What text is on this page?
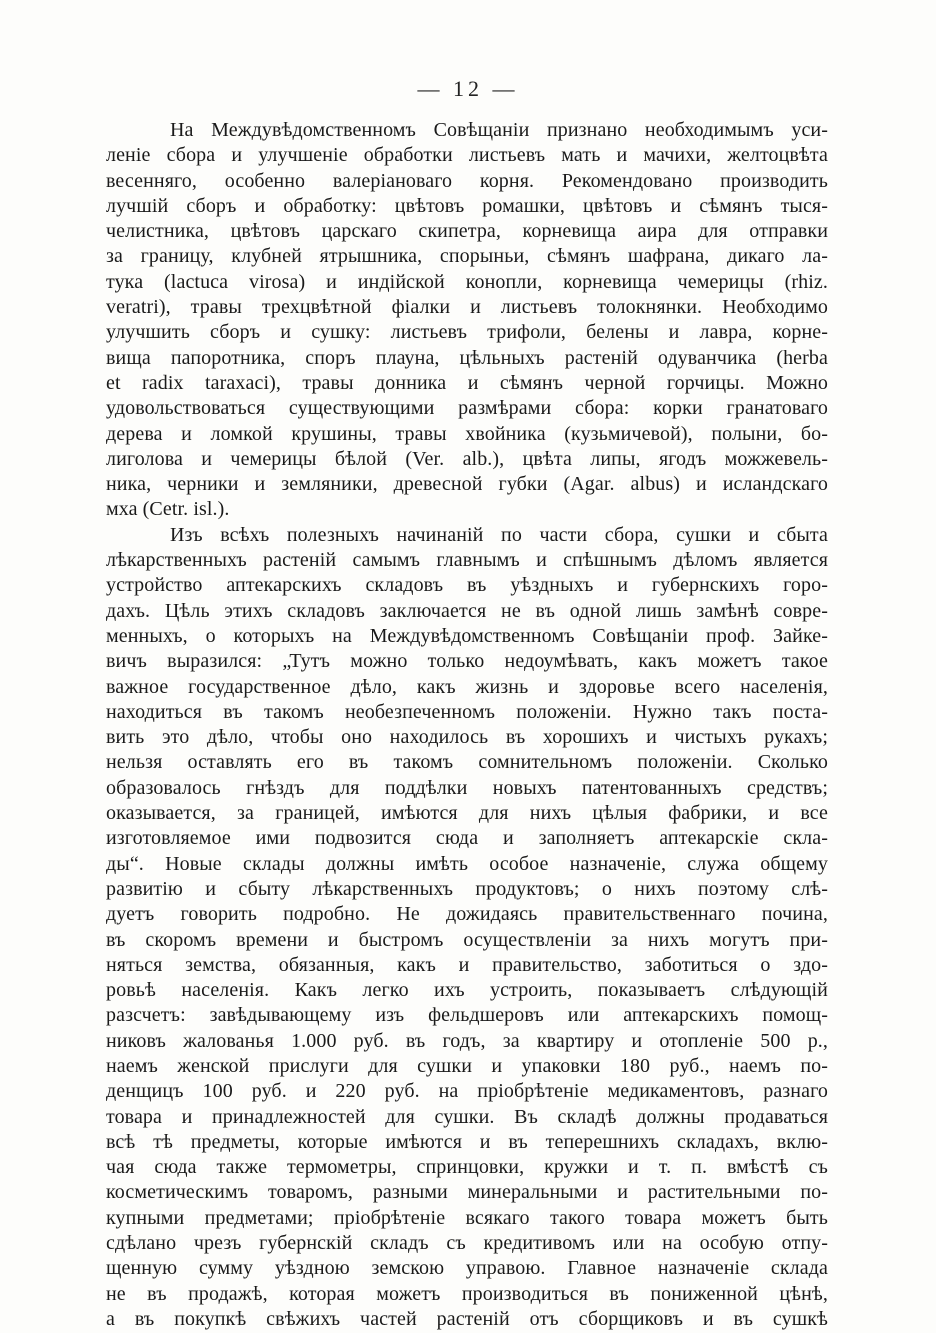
— 12 —
На Междувѣдомственномъ Совѣщаніи признано необходимымъ уси-
леніе сбора и улучшеніе обработки листьевъ мать и мачихи, желтоцвѣта
весенняго, особенно валеріановаго корня. Рекомендовано производить
лучшій сборъ и обработку: цвѣтовъ ромашки, цвѣтовъ и сѣмянъ тыся-
челистника, цвѣтовъ царскаго скипетра, корневища аира для отправки
за границу, клубней ятрышника, спорыньи, сѣмянъ шафрана, дикаго ла-
тука (lactuca virosa) и индійской конопли, корневища чемерицы (rhiz.
veratri), травы трехцвѣтной фіалки и листьевъ толокнянки. Необходимо
улучшить сборъ и сушку: листьевъ трифоли, белены и лавра, корне-
вища папоротника, споръ плауна, цѣльныхъ растеній одуванчика (herba
et radix taraxaci), травы донника и сѣмянъ черной горчицы. Можно
удовольствоваться существующими размѣрами сбора: корки гранатоваго
дерева и ломкой крушины, травы хвойника (кузьмичевой), полыни, бо-
лиголова и чемерицы бѣлой (Ver. alb.), цвѣта липы, ягодъ можжевель-
ника, черники и земляники, древесной губки (Agar. albus) и исландскаго
мха (Cetr. isl.).
Изъ всѣхъ полезныхъ начинаній по части сбора, сушки и сбыта
лѣкарственныхъ растеній самымъ главнымъ и спѣшнымъ дѣломъ является
устройство аптекарскихъ складовъ въ уѣздныхъ и губернскихъ горо-
дахъ. Цѣль этихъ складовъ заключается не въ одной лишь замѣнѣ совре-
менныхъ, о которыхъ на Междувѣдомственномъ Совѣщаніи проф. Зайке-
вичъ выразился: „Тутъ можно только недоумѣвать, какъ можетъ такое
важное государственное дѣло, какъ жизнь и здоровье всего населенія,
находиться въ такомъ необезпеченномъ положеніи. Нужно такъ поста-
вить это дѣло, чтобы оно находилось въ хорошихъ и чистыхъ рукахъ;
нельзя оставлять его въ такомъ сомнительномъ положеніи. Сколько
образовалось гнѣздъ для поддѣлки новыхъ патентованныхъ средствъ;
оказывается, за границей, имѣются для нихъ цѣлыя фабрики, и все
изготовляемое ими подвозится сюда и заполняетъ аптекарскіе скла-
ды“. Новые склады должны имѣть особое назначеніе, служа общему
развитію и сбыту лѣкарственныхъ продуктовъ; о нихъ поэтому слѣ-
дуетъ говорить подробно. Не дожидаясь правительственнаго почина,
въ скоромъ времени и быстромъ осуществленіи за нихъ могутъ при-
няться земства, обязанныя, какъ и правительство, заботиться о здо-
ровьѣ населенія. Какъ легко ихъ устроить, показываетъ слѣдующій
разсчетъ: завѣдывающему изъ фельдшеровъ или аптекарскихъ помощ-
никовъ жалованья 1.000 руб. въ годъ, за квартиру и отопленіе 500 р.,
наемъ женской прислуги для сушки и упаковки 180 руб., наемъ по-
денщицъ 100 руб. и 220 руб. на пріобрѣтеніе медикаментовъ, разнаго
товара и принадлежностей для сушки. Въ складѣ должны продаваться
всѣ тѣ предметы, которые имѣются и въ теперешнихъ складахъ, вклю-
чая сюда также термометры, спринцовки, кружки и т. п. вмѣстѣ съ
косметическимъ товаромъ, разными минеральными и растительными по-
купными предметами; пріобрѣтеніе всякаго такого товара можетъ быть
сдѣлано чрезъ губернскій складъ съ кредитивомъ или на особую отпу-
щенную сумму уѣздною земскою управою. Главное назначеніе склада
не въ продажѣ, которая можетъ производиться въ пониженной цѣнѣ,
а въ покупкѣ свѣжихъ частей растеній отъ сборщиковъ и въ сушкѣ
